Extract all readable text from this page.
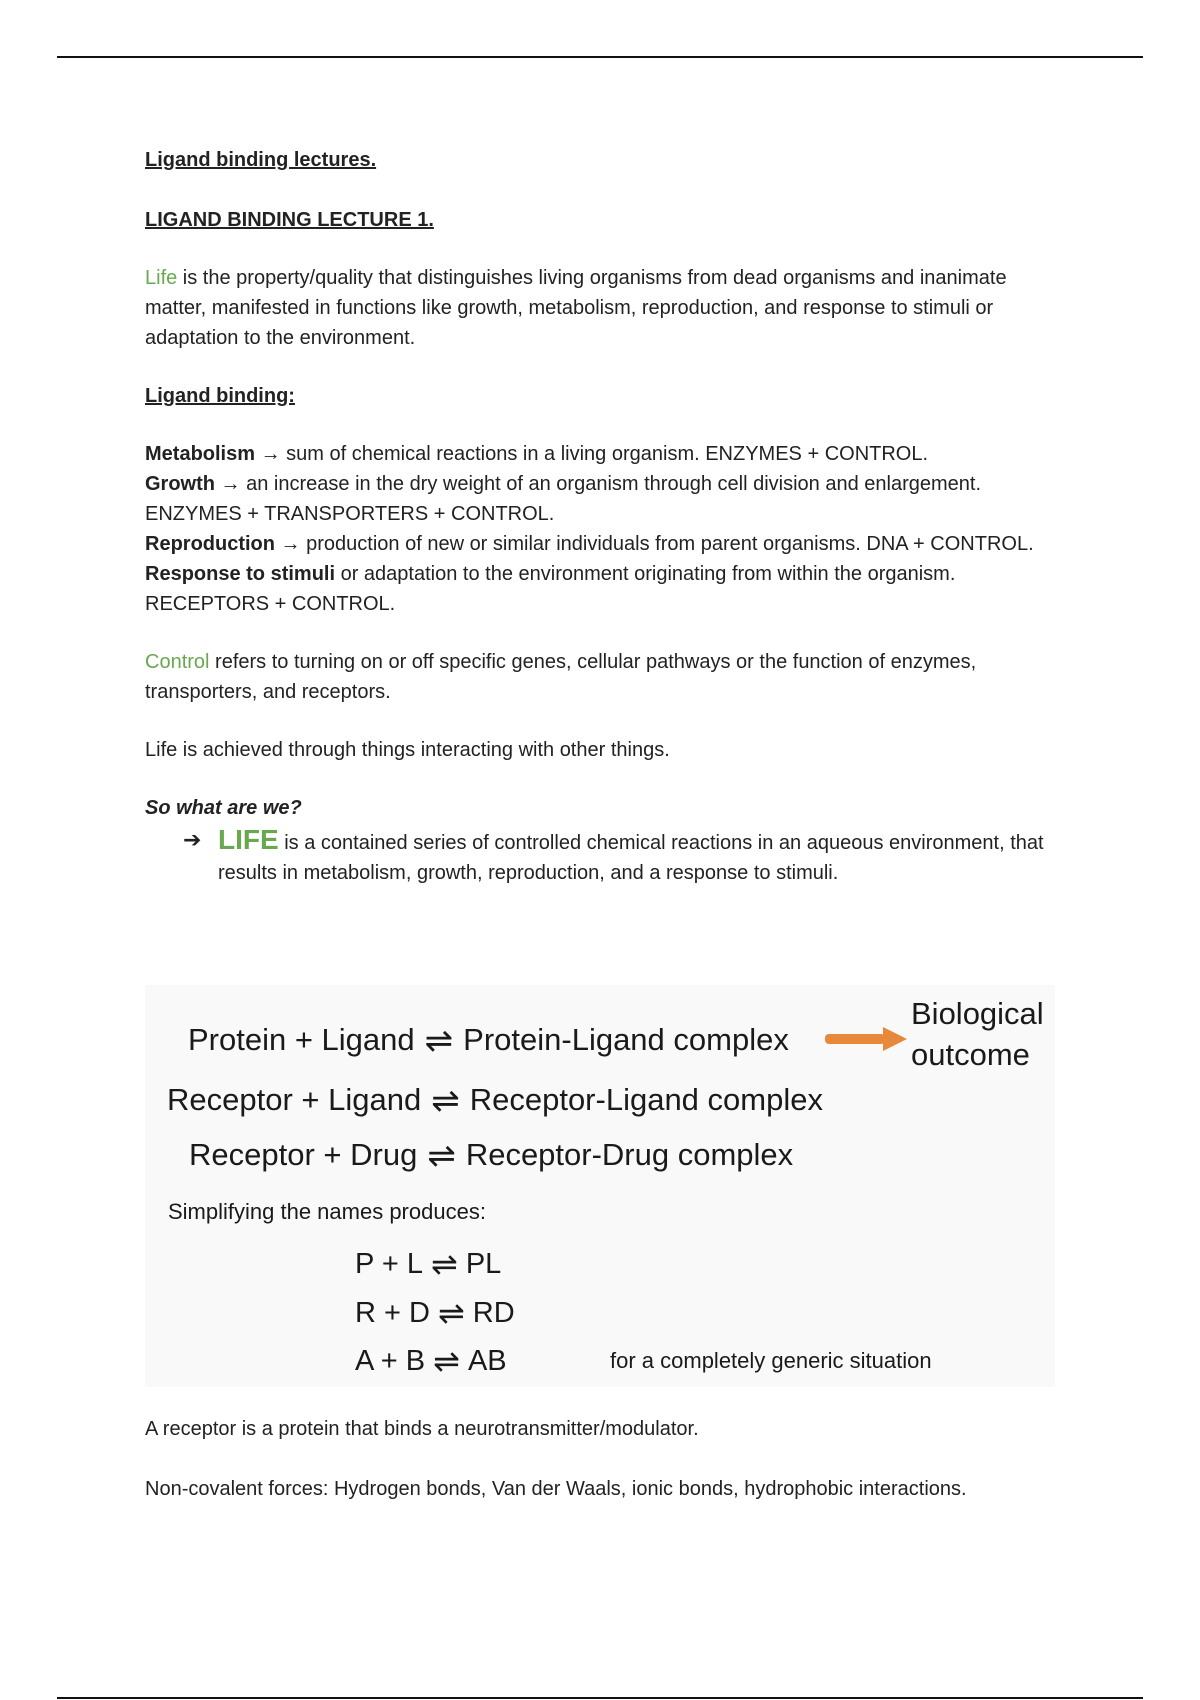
Ligand binding lectures.

LIGAND BINDING LECTURE 1.

Life is the property/quality that distinguishes living organisms from dead organisms and inanimate matter, manifested in functions like growth, metabolism, reproduction, and response to stimuli or adaptation to the environment.

Ligand binding:

Metabolism → sum of chemical reactions in a living organism. ENZYMES + CONTROL.

Growth → an increase in the dry weight of an organism through cell division and enlargement. ENZYMES + TRANSPORTERS + CONTROL.

Reproduction → production of new or similar individuals from parent organisms. DNA + CONTROL.

Response to stimuli or adaptation to the environment originating from within the organism. RECEPTORS + CONTROL.

Control refers to turning on or off specific genes, cellular pathways or the function of enzymes, transporters, and receptors.

Life is achieved through things interacting with other things.

So what are we?

➔ LIFE is a contained series of controlled chemical reactions in an aqueous environment, that results in metabolism, growth, reproduction, and a response to stimuli.
Protein + Ligand ⇌ Protein-Ligand complex
Biological
outcome
Receptor + Ligand ⇌ Receptor-Ligand complex
Receptor + Drug ⇌ Receptor-Drug complex
Simplifying the names produces:
P + L ⇌ PL
R + D ⇌ RD
A + B ⇌ AB	for a completely generic situation

A receptor is a protein that binds a neurotransmitter/modulator.

Non-covalent forces: Hydrogen bonds, Van der Waals, ionic bonds, hydrophobic interactions.
